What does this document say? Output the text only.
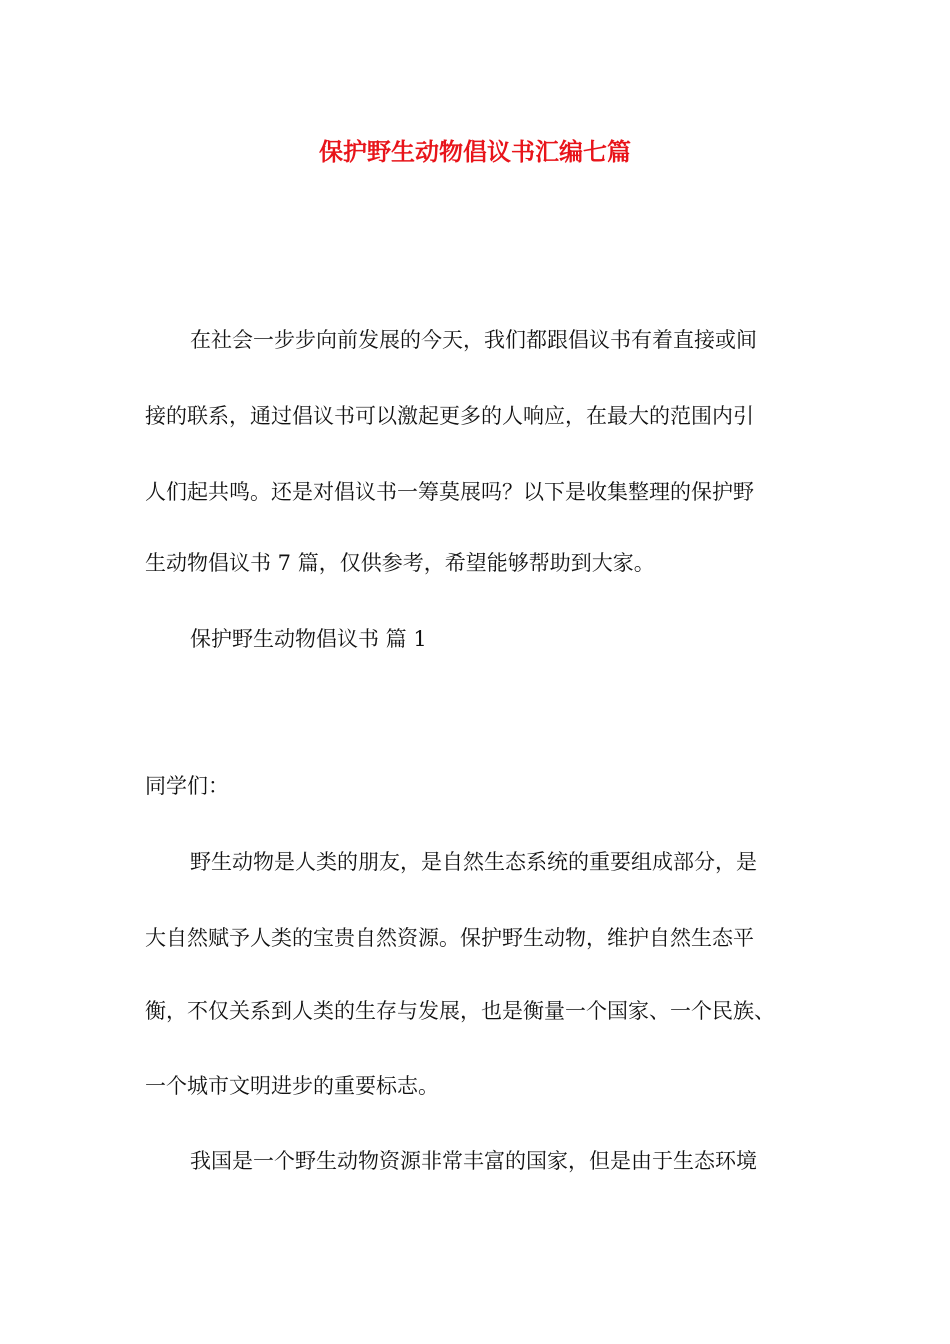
保护野生动物倡议书汇编七篇
在社会一步步向前发展的今天，我们都跟倡议书有着直接或间
接的联系，通过倡议书可以激起更多的人响应，在最大的范围内引
人们起共鸣。还是对倡议书一筹莫展吗？以下是收集整理的保护野
生动物倡议书 7 篇，仅供参考，希望能够帮助到大家。
保护野生动物倡议书 篇 1
同学们：
野生动物是人类的朋友，是自然生态系统的重要组成部分，是
大自然赋予人类的宝贵自然资源。保护野生动物，维护自然生态平
衡，不仅关系到人类的生存与发展，也是衡量一个国家、一个民族、
一个城市文明进步的重要标志。
我国是一个野生动物资源非常丰富的国家，但是由于生态环境
